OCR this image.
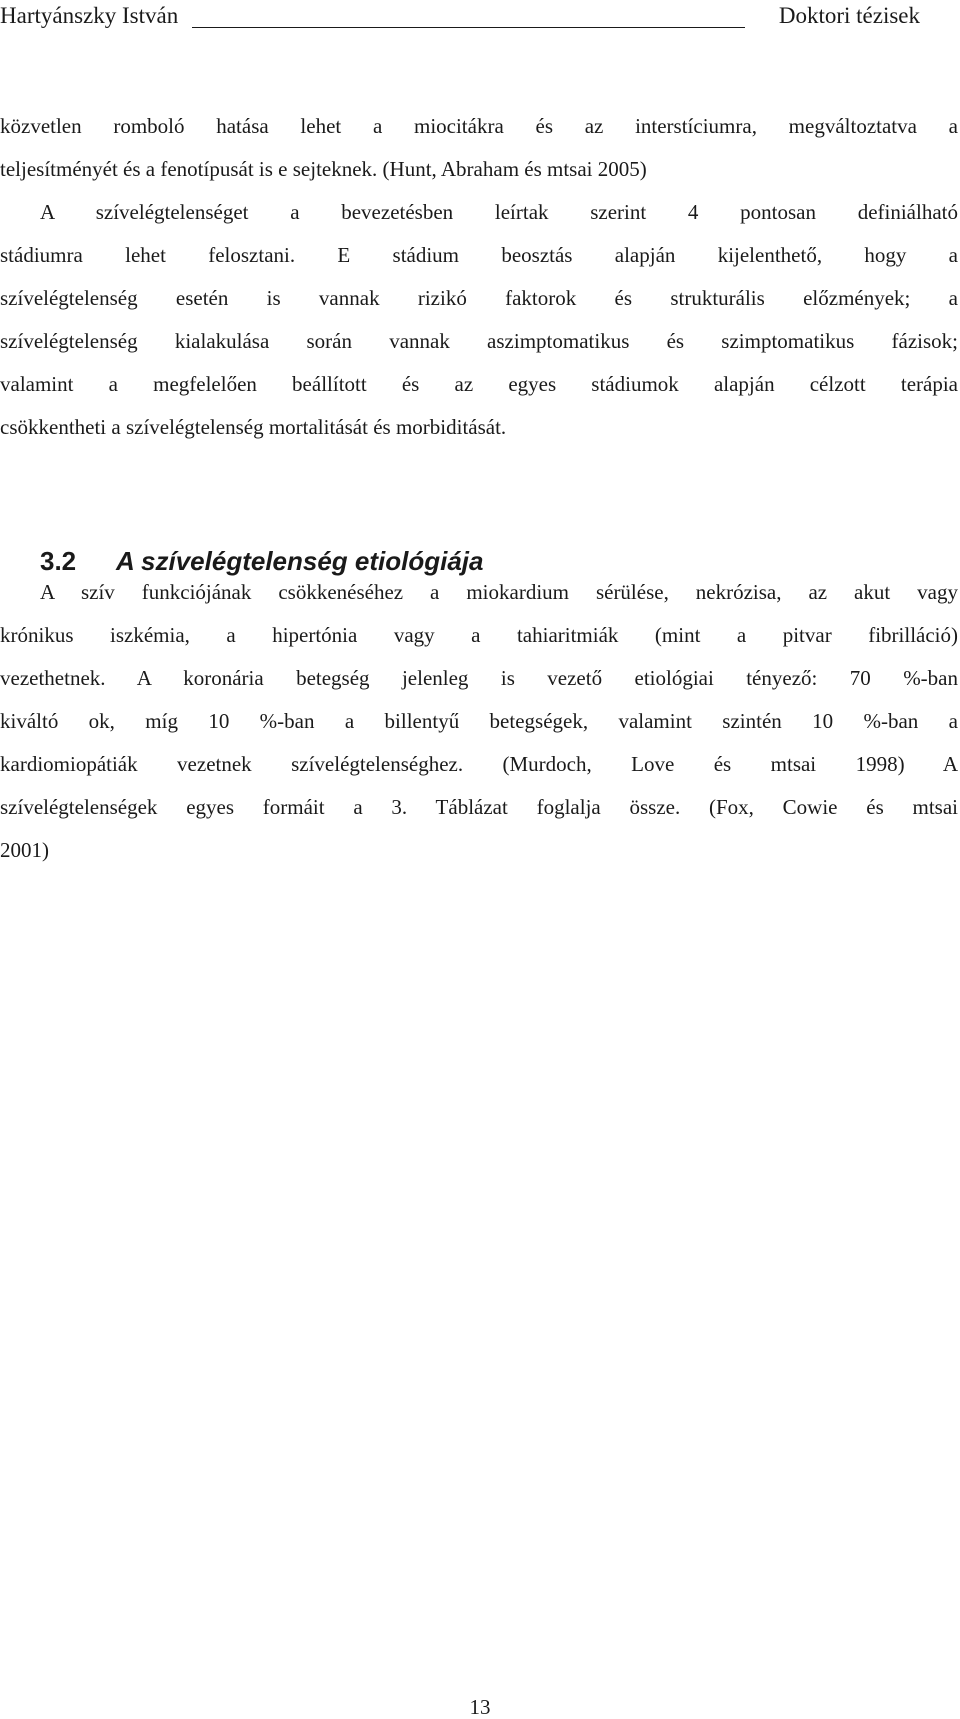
Hartyánszky István	Doktori tézisek
közvetlen romboló hatása lehet a miocitákra és az interstíciumra, megváltoztatva a
teljesítményét és a fenotípusát is e sejteknek. (Hunt, Abraham és mtsai 2005)
A szívelégtelenséget a bevezetésben leírtak szerint 4 pontosan definiálható
stádiumra lehet felosztani. E stádium beosztás alapján kijelenthető, hogy a
szívelégtelenség esetén is vannak rizikó faktorok és strukturális előzmények; a
szívelégtelenség kialakulása során vannak aszimptomatikus és szimptomatikus fázisok;
valamint a megfelelően beállított és az egyes stádiumok alapján célzott terápia
csökkentheti a szívelégtelenség mortalitását és morbiditását.
3.2 A szívelégtelenség etiológiája
A szív funkciójának csökkenéséhez a miokardium sérülése, nekrózisa, az akut vagy
krónikus iszkémia, a hipertónia vagy a tahiaritmiák (mint a pitvar fibrilláció)
vezethetnek. A koronária betegség jelenleg is vezető etiológiai tényező: 70 %-ban
kiváltó ok, míg 10 %-ban a billentyű betegségek, valamint szintén 10 %-ban a
kardiomiopátiák vezetnek szívelégtelenséghez. (Murdoch, Love és mtsai 1998) A
szívelégtelenségek egyes formáit a 3. Táblázat foglalja össze. (Fox, Cowie és mtsai
2001)
13
